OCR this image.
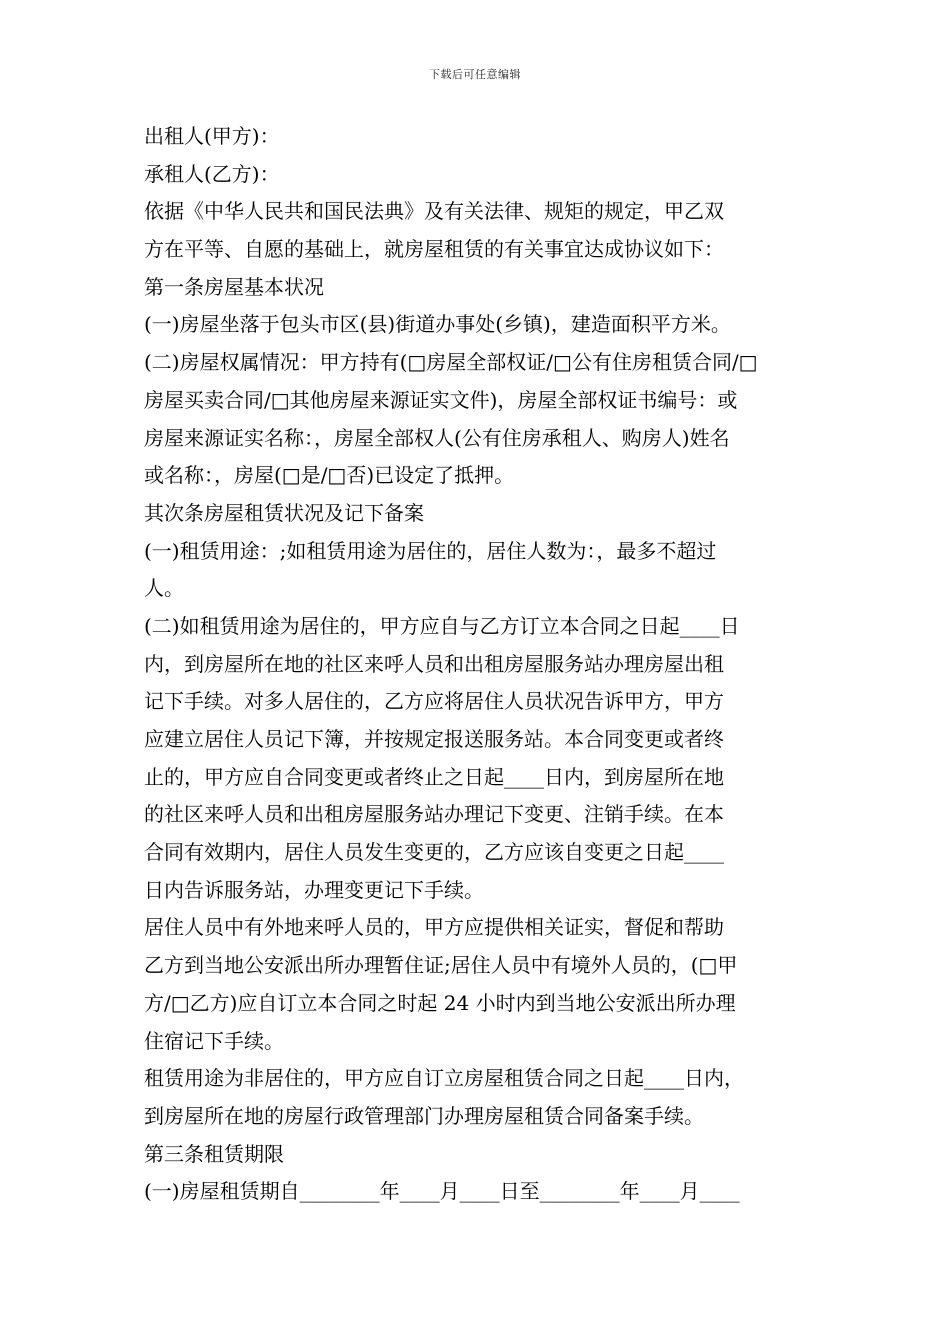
下载后可任意编辑
出租人(甲方)：
承租人(乙方)：
依据《中华人民共和国民法典》及有关法律、规矩的规定，甲乙双
方在平等、自愿的基础上，就房屋租赁的有关事宜达成协议如下：
第一条房屋基本状况
(一)房屋坐落于包头市区(县)街道办事处(乡镇)，建造面积平方米。
(二)房屋权属情况：甲方持有(□房屋全部权证/□公有住房租赁合同/□
房屋买卖合同/□其他房屋来源证实文件)，房屋全部权证书编号：或
房屋来源证实名称：，房屋全部权人(公有住房承租人、购房人)姓名
或名称：，房屋(□是/□否)已设定了抵押。
其次条房屋租赁状况及记下备案
(一)租赁用途：;如租赁用途为居住的，居住人数为：，最多不超过
人。
(二)如租赁用途为居住的，甲方应自与乙方订立本合同之日起____日
内，到房屋所在地的社区来呼人员和出租房屋服务站办理房屋出租
记下手续。对多人居住的，乙方应将居住人员状况告诉甲方，甲方
应建立居住人员记下簿，并按规定报送服务站。本合同变更或者终
止的，甲方应自合同变更或者终止之日起____日内，到房屋所在地
的社区来呼人员和出租房屋服务站办理记下变更、注销手续。在本
合同有效期内，居住人员发生变更的，乙方应该自变更之日起____
日内告诉服务站，办理变更记下手续。
居住人员中有外地来呼人员的，甲方应提供相关证实，督促和帮助
乙方到当地公安派出所办理暂住证;居住人员中有境外人员的，(□甲
方/□乙方)应自订立本合同之时起 24 小时内到当地公安派出所办理
住宿记下手续。
租赁用途为非居住的，甲方应自订立房屋租赁合同之日起____日内，
到房屋所在地的房屋行政管理部门办理房屋租赁合同备案手续。
第三条租赁期限
(一)房屋租赁期自________年____月____日至________年____月____
